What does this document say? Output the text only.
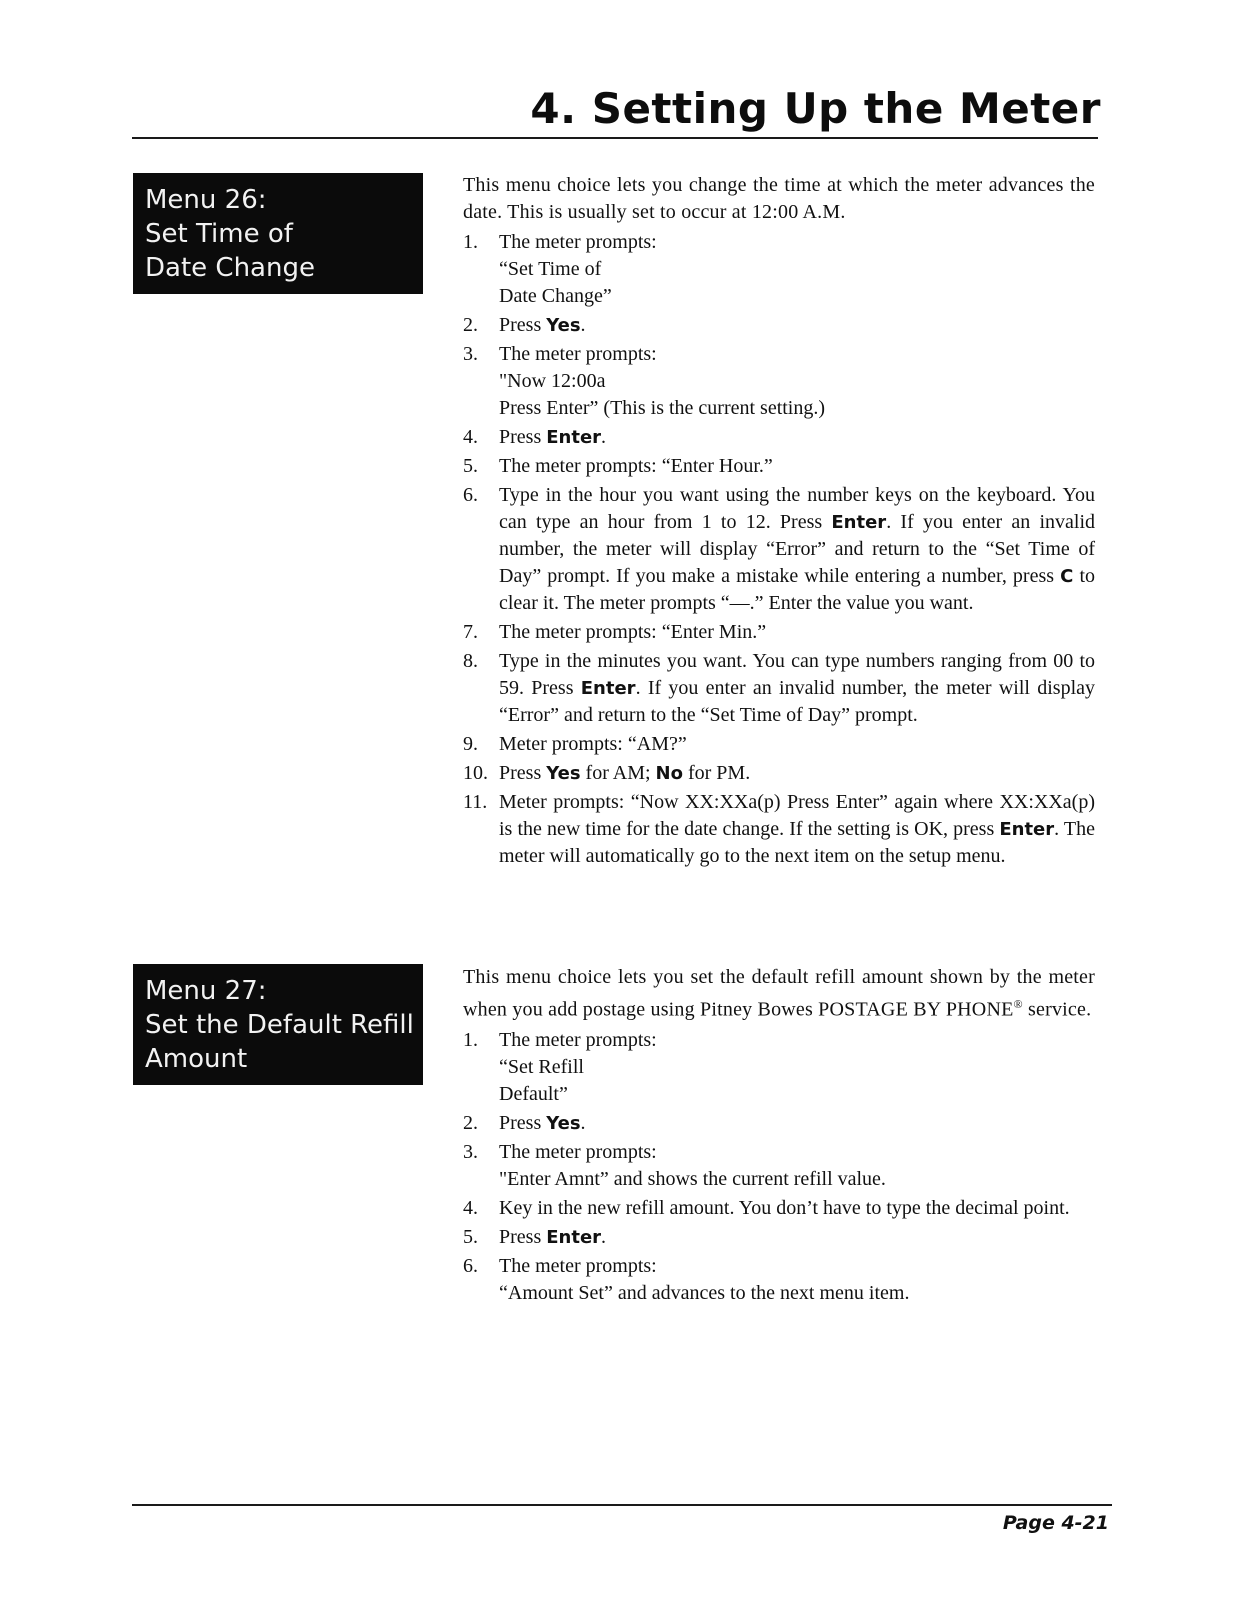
4. Setting Up the Meter
Menu 26:
Set Time of
Date Change

This menu choice lets you change the time at which the meter advances the date. This is usually set to occur at 12:00 A.M.

1.	The meter prompts:
“Set Time of
Date Change”
2.	Press Yes.
3.	The meter prompts:
"Now 12:00a
Press Enter” (This is the current setting.)
4.	Press Enter.
5.	The meter prompts: “Enter Hour.”
6.	Type in the hour you want using the number keys on the keyboard. You can type an hour from 1 to 12. Press Enter. If you enter an invalid number, the meter will display “Error” and return to the “Set Time of Day” prompt. If you make a mistake while entering a number, press C to clear it. The meter prompts “—.” Enter the value you want.
7.	The meter prompts: “Enter Min.”
8.	Type in the minutes you want. You can type numbers ranging from 00 to 59. Press Enter. If you enter an invalid number, the meter will display “Error” and return to the “Set Time of Day” prompt.
9.	Meter prompts: “AM?”
10. Press Yes for AM; No for PM.
11. Meter prompts: “Now XX:XXa(p) Press Enter” again where XX:XXa(p) is the new time for the date change. If the setting is OK, press Enter. The meter will automatically go to the next item on the setup menu.
Menu 27:
Set the Default Refill
Amount

This menu choice lets you set the default refill amount shown by the meter when you add postage using Pitney Bowes POSTAGE BY PHONE® service.

1.	The meter prompts:
“Set Refill
Default”
2.	Press Yes.
3.	The meter prompts:
"Enter Amnt” and shows the current refill value.
4.	Key in the new refill amount. You don’t have to type the decimal point.
5.	Press Enter.
6.	The meter prompts:
“Amount Set” and advances to the next menu item.
Page 4-21
